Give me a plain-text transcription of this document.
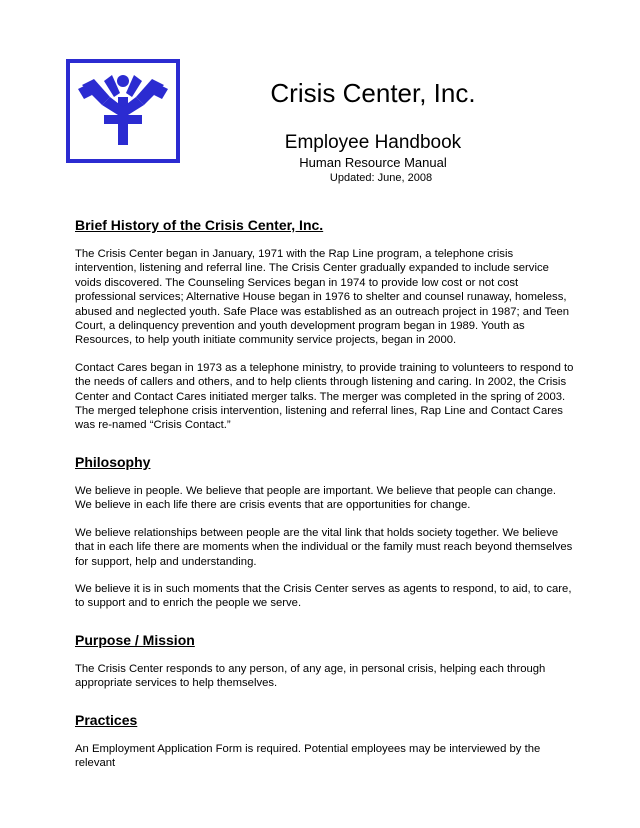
Crisis Center, Inc.
Employee Handbook
Human Resource Manual
Updated: June, 2008
Brief History of the Crisis Center, Inc.

The Crisis Center began in January, 1971 with the Rap Line program, a telephone crisis intervention, listening and referral line. The Crisis Center gradually expanded to include service voids discovered. The Counseling Services began in 1974 to provide low cost or not cost professional services; Alternative House began in 1976 to shelter and counsel runaway, homeless, abused and neglected youth. Safe Place was established as an outreach project in 1987; and Teen Court, a delinquency prevention and youth development program began in 1989. Youth as Resources, to help youth initiate community service projects, began in 2000.

Contact Cares began in 1973 as a telephone ministry, to provide training to volunteers to respond to the needs of callers and others, and to help clients through listening and caring. In 2002, the Crisis Center and Contact Cares initiated merger talks. The merger was completed in the spring of 2003. The merged telephone crisis intervention, listening and referral lines, Rap Line and Contact Cares was re-named “Crisis Contact.”

Philosophy

We believe in people. We believe that people are important. We believe that people can change. We believe in each life there are crisis events that are opportunities for change.

We believe relationships between people are the vital link that holds society together. We believe that in each life there are moments when the individual or the family must reach beyond themselves for support, help and understanding.

We believe it is in such moments that the Crisis Center serves as agents to respond, to aid, to care, to support and to enrich the people we serve.

Purpose / Mission

The Crisis Center responds to any person, of any age, in personal crisis, helping each through appropriate services to help themselves.

Practices

An Employment Application Form is required. Potential employees may be interviewed by the relevant
